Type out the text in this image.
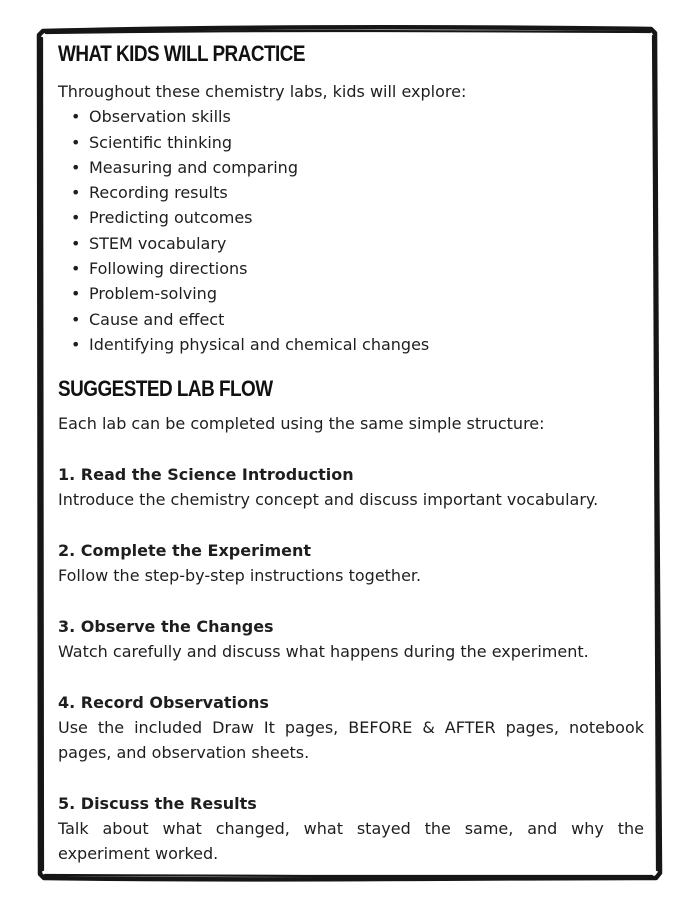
WHAT KIDS WILL PRACTICE

Throughout these chemistry labs, kids will explore:

• Observation skills
• Scientific thinking
• Measuring and comparing
• Recording results
• Predicting outcomes
• STEM vocabulary
• Following directions
• Problem-solving
• Cause and effect
• Identifying physical and chemical changes
SUGGESTED LAB FLOW

Each lab can be completed using the same simple structure:

1. Read the Science Introduction

Introduce the chemistry concept and discuss important vocabulary.

2. Complete the Experiment

Follow the step-by-step instructions together.

3. Observe the Changes

Watch carefully and discuss what happens during the experiment.

4. Record Observations

Use the included Draw It pages, BEFORE & AFTER pages, notebook pages, and observation sheets.

5. Discuss the Results

Talk about what changed, what stayed the same, and why the experiment worked.
